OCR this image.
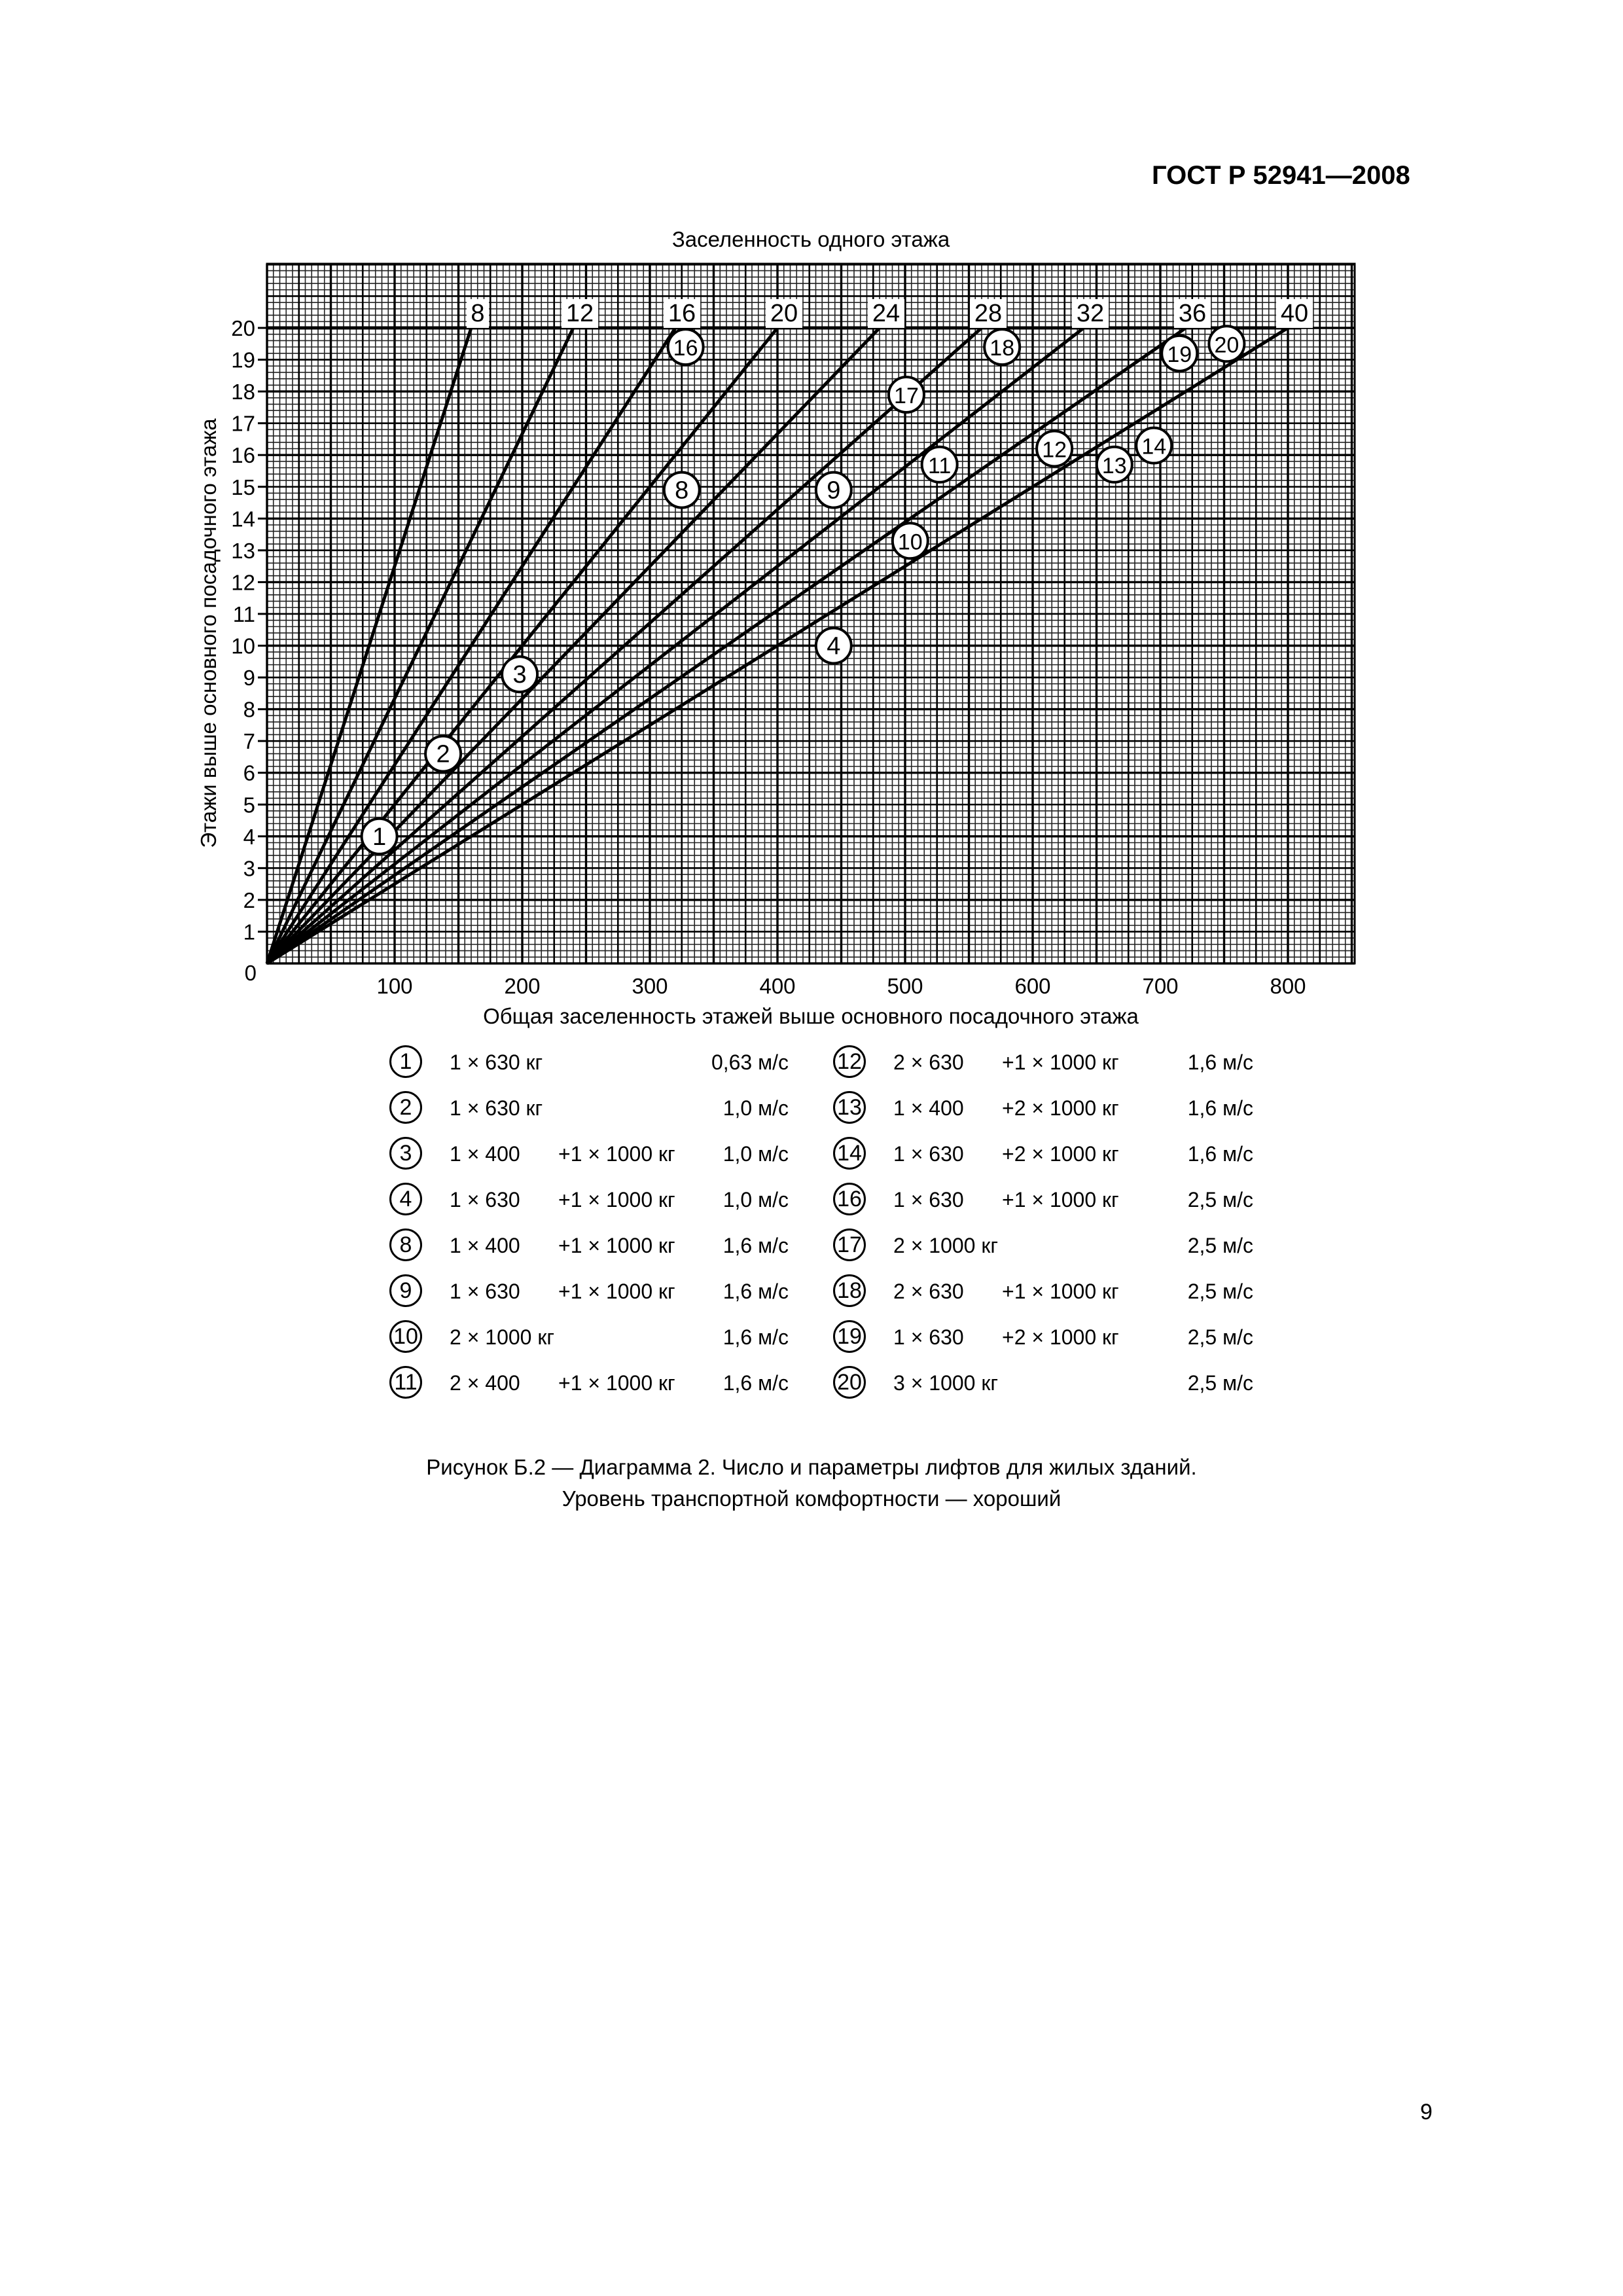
ГОСТ Р 52941—2008
8	12	16	20	24	28	32	36	40
1
2
3
4
8	9
10
11
12
13
14
16
17
18	19 20
100	200	300	400	500	600	700	800
1
2
3
4
5
6
7
8
9
10
11
12
13
14
15
16
17
18
19
20
0
Заселенность одного этажа
Общая заселенность этажей выше основного посадочного этажа
Этажи выше основного посадочного этажа
1	1 × 630 кг	0,63 м/с
2	1 × 630 кг	1,0 м/с
3	1 × 400 +1 × 1000 кг 1,0 м/с
4	1 × 630 +1 × 1000 кг 1,0 м/с
8	1 × 400 +1 × 1000 кг 1,6 м/с
9	1 × 630 +1 × 1000 кг 1,6 м/с
10 2 × 1000 кг	1,6 м/с
11 2 × 400 +1 × 1000 кг 1,6 м/с
12 2 × 630 +1 × 1000 кг	1,6 м/с
13 1 × 400 +2 × 1000 кг	1,6 м/с
14 1 × 630 +2 × 1000 кг	1,6 м/с
16 1 × 630 +1 × 1000 кг	2,5 м/с
17 2 × 1000 кг	2,5 м/с
18 2 × 630 +1 × 1000 кг	2,5 м/с
19 1 × 630 +2 × 1000 кг	2,5 м/с
20 3 × 1000 кг	2,5 м/с
Рисунок Б.2 — Диаграмма 2. Число и параметры лифтов для жилых зданий.
Уровень транспортной комфортности — хороший
9
